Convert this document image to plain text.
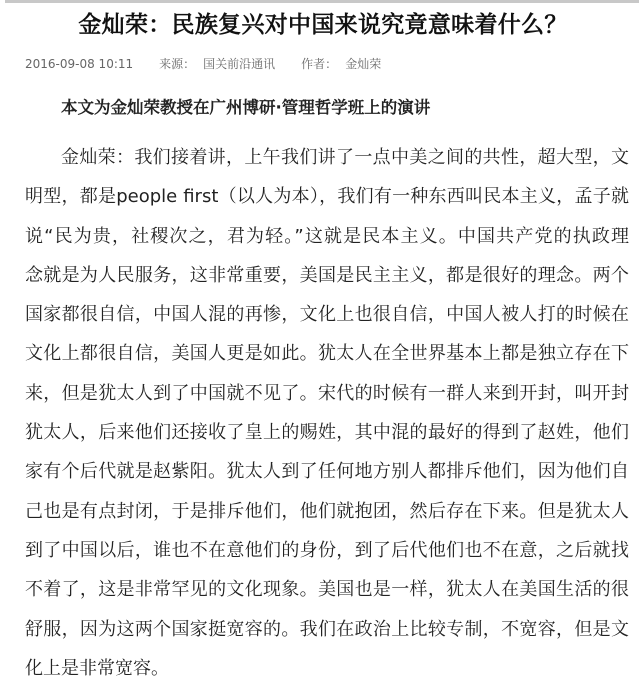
金灿荣：民族复兴对中国来说究竟意味着什么？
2016-09-08 10:11 来源： 国关前沿通讯 作者： 金灿荣
本文为金灿荣教授在广州博研·管理哲学班上的演讲
金灿荣：我们接着讲，上午我们讲了一点中美之间的共性，超大型，文
明型，都是people first（以人为本），我们有一种东西叫民本主义，孟子就
说“民为贵，社稷次之，君为轻。”这就是民本主义。中国共产党的执政理
念就是为人民服务，这非常重要，美国是民主主义，都是很好的理念。两个
国家都很自信，中国人混的再惨，文化上也很自信，中国人被人打的时候在
文化上都很自信，美国人更是如此。犹太人在全世界基本上都是独立存在下
来，但是犹太人到了中国就不见了。宋代的时候有一群人来到开封，叫开封
犹太人，后来他们还接收了皇上的赐姓，其中混的最好的得到了赵姓，他们
家有个后代就是赵紫阳。犹太人到了任何地方别人都排斥他们，因为他们自
己也是有点封闭，于是排斥他们，他们就抱团，然后存在下来。但是犹太人
到了中国以后，谁也不在意他们的身份，到了后代他们也不在意，之后就找
不着了，这是非常罕见的文化现象。美国也是一样，犹太人在美国生活的很
舒服，因为这两个国家挺宽容的。我们在政治上比较专制，不宽容，但是文
化上是非常宽容。
